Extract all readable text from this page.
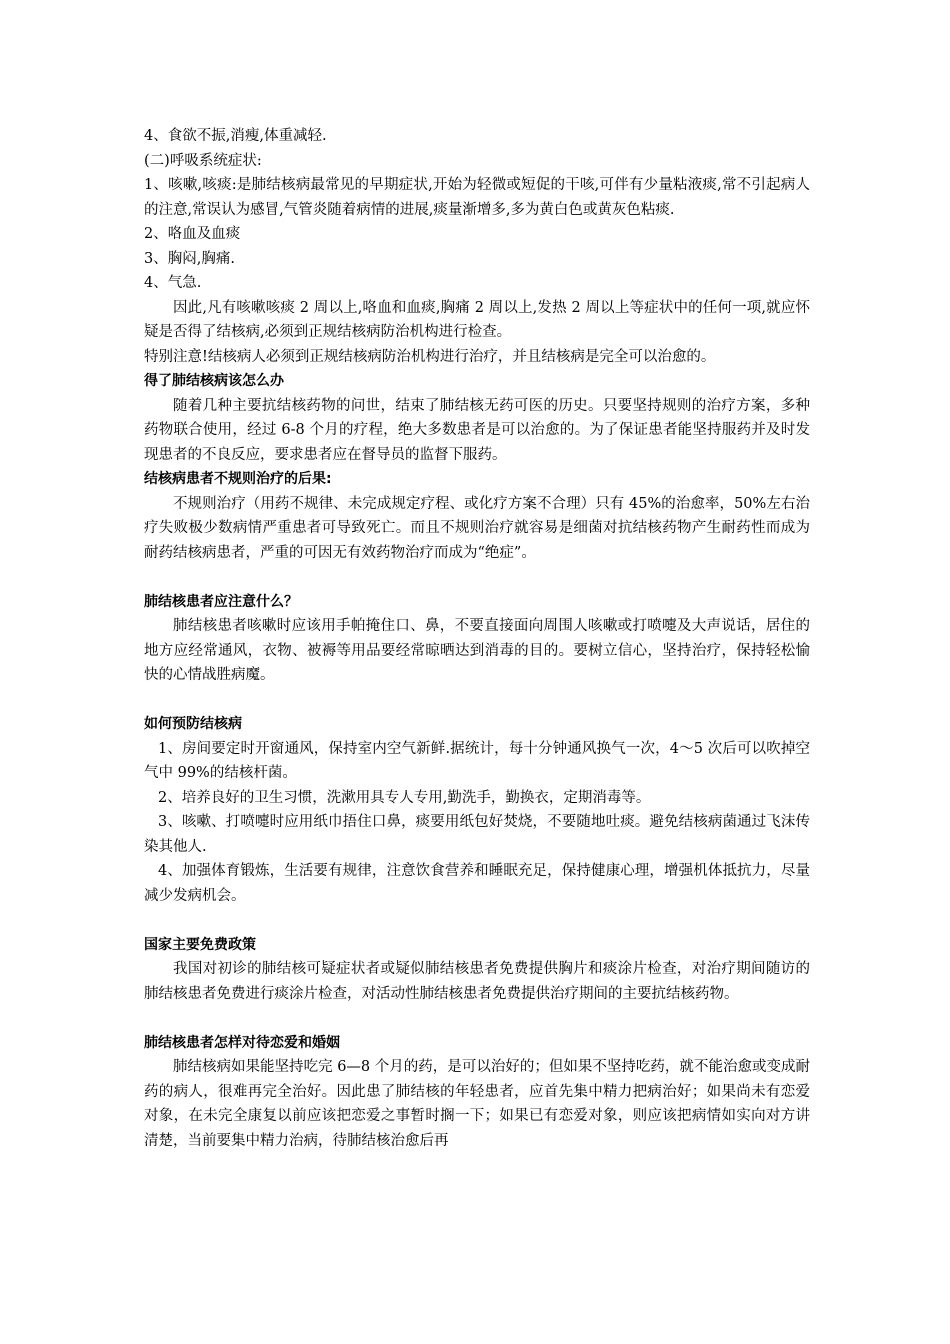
4、食欲不振,消瘦,体重减轻.

(二)呼吸系统症状:

1、咳嗽,咳痰:是肺结核病最常见的早期症状,开始为轻微或短促的干咳,可伴有少量粘液痰,常不引起病人的注意,常误认为感冒,气管炎随着病情的进展,痰量渐增多,多为黄白色或黄灰色粘痰.

2、咯血及血痰

3、胸闷,胸痛.

4、气急.

因此,凡有咳嗽咳痰 2 周以上,咯血和血痰,胸痛 2 周以上,发热 2 周以上等症状中的任何一项,就应怀疑是否得了结核病,必须到正规结核病防治机构进行检查。

特别注意!结核病人必须到正规结核病防治机构进行治疗，并且结核病是完全可以治愈的。

得了肺结核病该怎么办

随着几种主要抗结核药物的问世，结束了肺结核无药可医的历史。只要坚持规则的治疗方案，多种药物联合使用，经过 6-8 个月的疗程，绝大多数患者是可以治愈的。为了保证患者能坚持服药并及时发现患者的不良反应，要求患者应在督导员的监督下服药。

结核病患者不规则治疗的后果:

不规则治疗（用药不规律、未完成规定疗程、或化疗方案不合理）只有 45%的治愈率，50%左右治疗失败极少数病情严重患者可导致死亡。而且不规则治疗就容易是细菌对抗结核药物产生耐药性而成为耐药结核病患者，严重的可因无有效药物治疗而成为“绝症”。

肺结核患者应注意什么？

肺结核患者咳嗽时应该用手帕掩住口、鼻，不要直接面向周围人咳嗽或打喷嚏及大声说话，居住的地方应经常通风，衣物、被褥等用品要经常晾晒达到消毒的目的。要树立信心，坚持治疗，保持轻松愉快的心情战胜病魔。

如何预防结核病

1、房间要定时开窗通风，保持室内空气新鲜.据统计，每十分钟通风换气一次，4～5 次后可以吹掉空气中 99%的结核杆菌。

2、培养良好的卫生习惯，洗漱用具专人专用,勤洗手，勤换衣，定期消毒等。

3、咳嗽、打喷嚏时应用纸巾捂住口鼻，痰要用纸包好焚烧，不要随地吐痰。避免结核病菌通过飞沫传染其他人.

4、加强体育锻炼，生活要有规律，注意饮食营养和睡眠充足，保持健康心理，增强机体抵抗力，尽量减少发病机会。

国家主要免费政策

我国对初诊的肺结核可疑症状者或疑似肺结核患者免费提供胸片和痰涂片检查，对治疗期间随访的肺结核患者免费进行痰涂片检查，对活动性肺结核患者免费提供治疗期间的主要抗结核药物。

肺结核患者怎样对待恋爱和婚姻

肺结核病如果能坚持吃完 6—8 个月的药，是可以治好的；但如果不坚持吃药，就不能治愈或变成耐药的病人，很难再完全治好。因此患了肺结核的年轻患者，应首先集中精力把病治好；如果尚未有恋爱对象，在未完全康复以前应该把恋爱之事暂时搁一下；如果已有恋爱对象，则应该把病情如实向对方讲清楚，当前要集中精力治病，待肺结核治愈后再
